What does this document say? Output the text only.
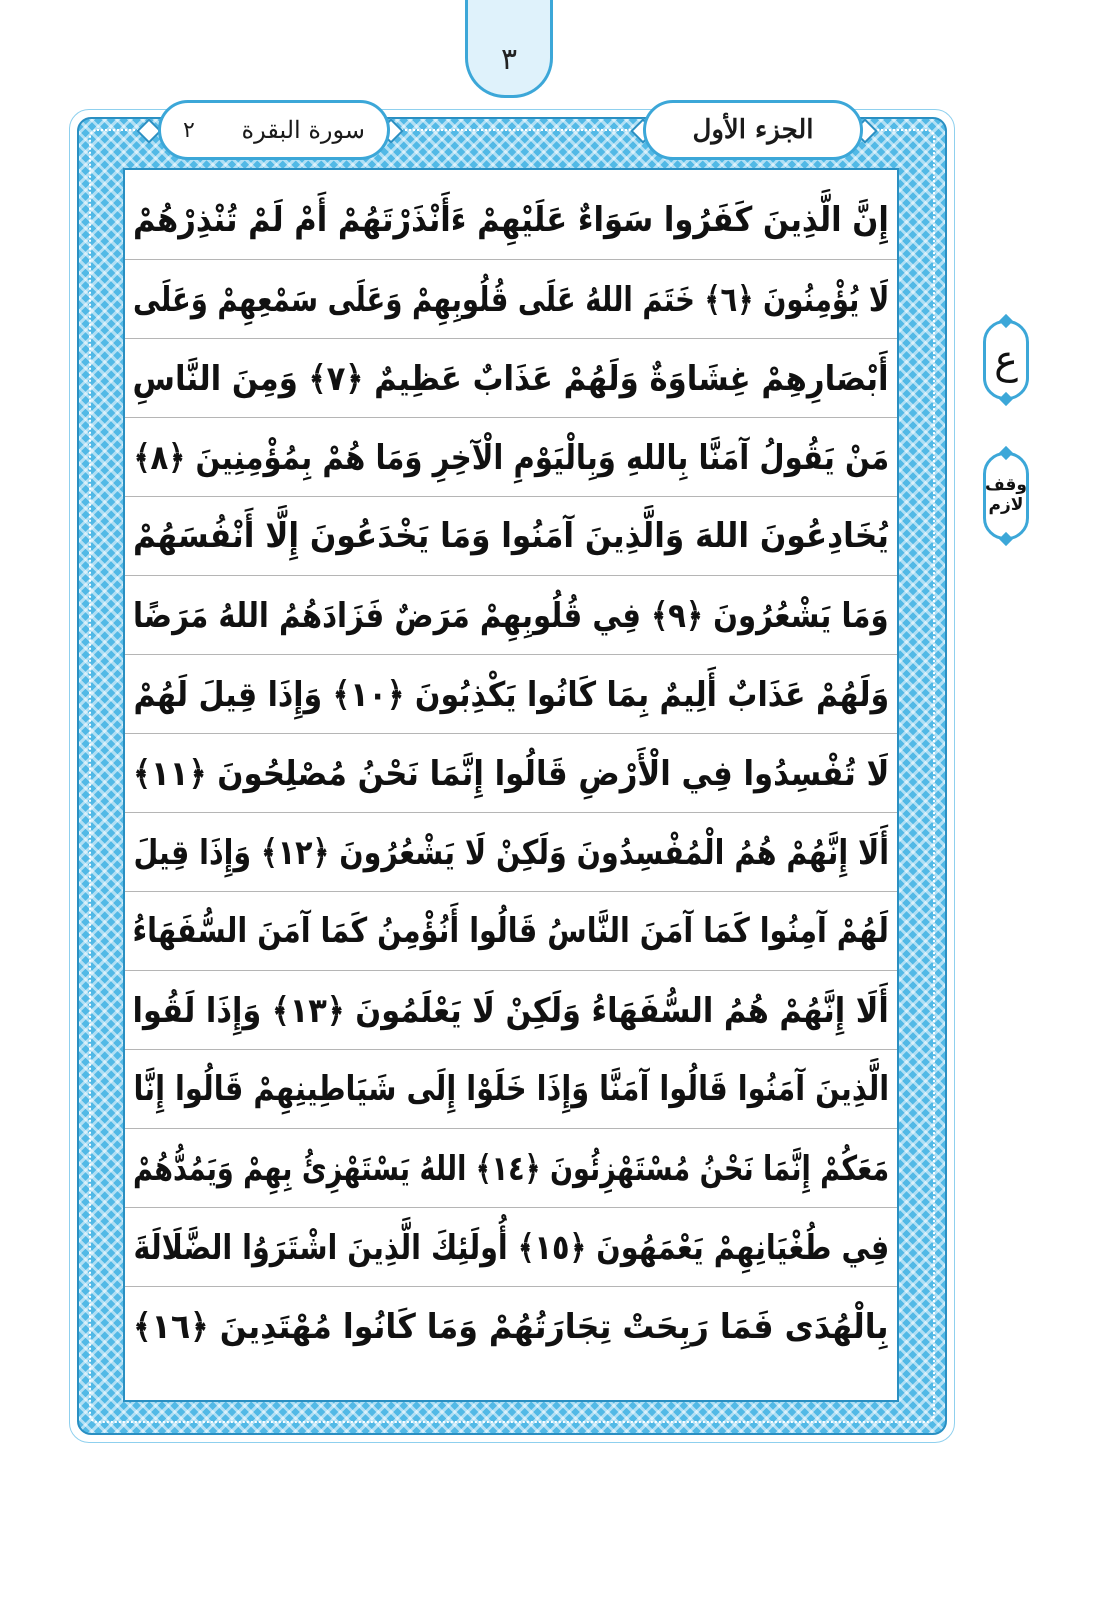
٣
الجزء الأول
٢ سورة البقرة
إِنَّ الَّذِينَ كَفَرُوا سَوَاءٌ عَلَيْهِمْ ءَأَنْذَرْتَهُمْ أَمْ لَمْ تُنْذِرْهُمْ
لَا يُؤْمِنُونَ ﴿٦﴾ خَتَمَ اللهُ عَلَى قُلُوبِهِمْ وَعَلَى سَمْعِهِمْ وَعَلَى
أَبْصَارِهِمْ غِشَاوَةٌ وَلَهُمْ عَذَابٌ عَظِيمٌ ﴿٧﴾ وَمِنَ النَّاسِ
مَنْ يَقُولُ آمَنَّا بِاللهِ وَبِالْيَوْمِ الْآخِرِ وَمَا هُمْ بِمُؤْمِنِينَ ﴿٨﴾
يُخَادِعُونَ اللهَ وَالَّذِينَ آمَنُوا وَمَا يَخْدَعُونَ إِلَّا أَنْفُسَهُمْ
وَمَا يَشْعُرُونَ ﴿٩﴾ فِي قُلُوبِهِمْ مَرَضٌ فَزَادَهُمُ اللهُ مَرَضًا
وَلَهُمْ عَذَابٌ أَلِيمٌ بِمَا كَانُوا يَكْذِبُونَ ﴿١٠﴾ وَإِذَا قِيلَ لَهُمْ
لَا تُفْسِدُوا فِي الْأَرْضِ قَالُوا إِنَّمَا نَحْنُ مُصْلِحُونَ ﴿١١﴾
أَلَا إِنَّهُمْ هُمُ الْمُفْسِدُونَ وَلَكِنْ لَا يَشْعُرُونَ ﴿١٢﴾ وَإِذَا قِيلَ
لَهُمْ آمِنُوا كَمَا آمَنَ النَّاسُ قَالُوا أَنُؤْمِنُ كَمَا آمَنَ السُّفَهَاءُ
أَلَا إِنَّهُمْ هُمُ السُّفَهَاءُ وَلَكِنْ لَا يَعْلَمُونَ ﴿١٣﴾ وَإِذَا لَقُوا
الَّذِينَ آمَنُوا قَالُوا آمَنَّا وَإِذَا خَلَوْا إِلَى شَيَاطِينِهِمْ قَالُوا إِنَّا
مَعَكُمْ إِنَّمَا نَحْنُ مُسْتَهْزِئُونَ ﴿١٤﴾ اللهُ يَسْتَهْزِئُ بِهِمْ وَيَمُدُّهُمْ
فِي طُغْيَانِهِمْ يَعْمَهُونَ ﴿١٥﴾ أُولَئِكَ الَّذِينَ اشْتَرَوُا الضَّلَالَةَ
بِالْهُدَى فَمَا رَبِحَتْ تِجَارَتُهُمْ وَمَا كَانُوا مُهْتَدِينَ ﴿١٦﴾
ع
وقف
لازم
